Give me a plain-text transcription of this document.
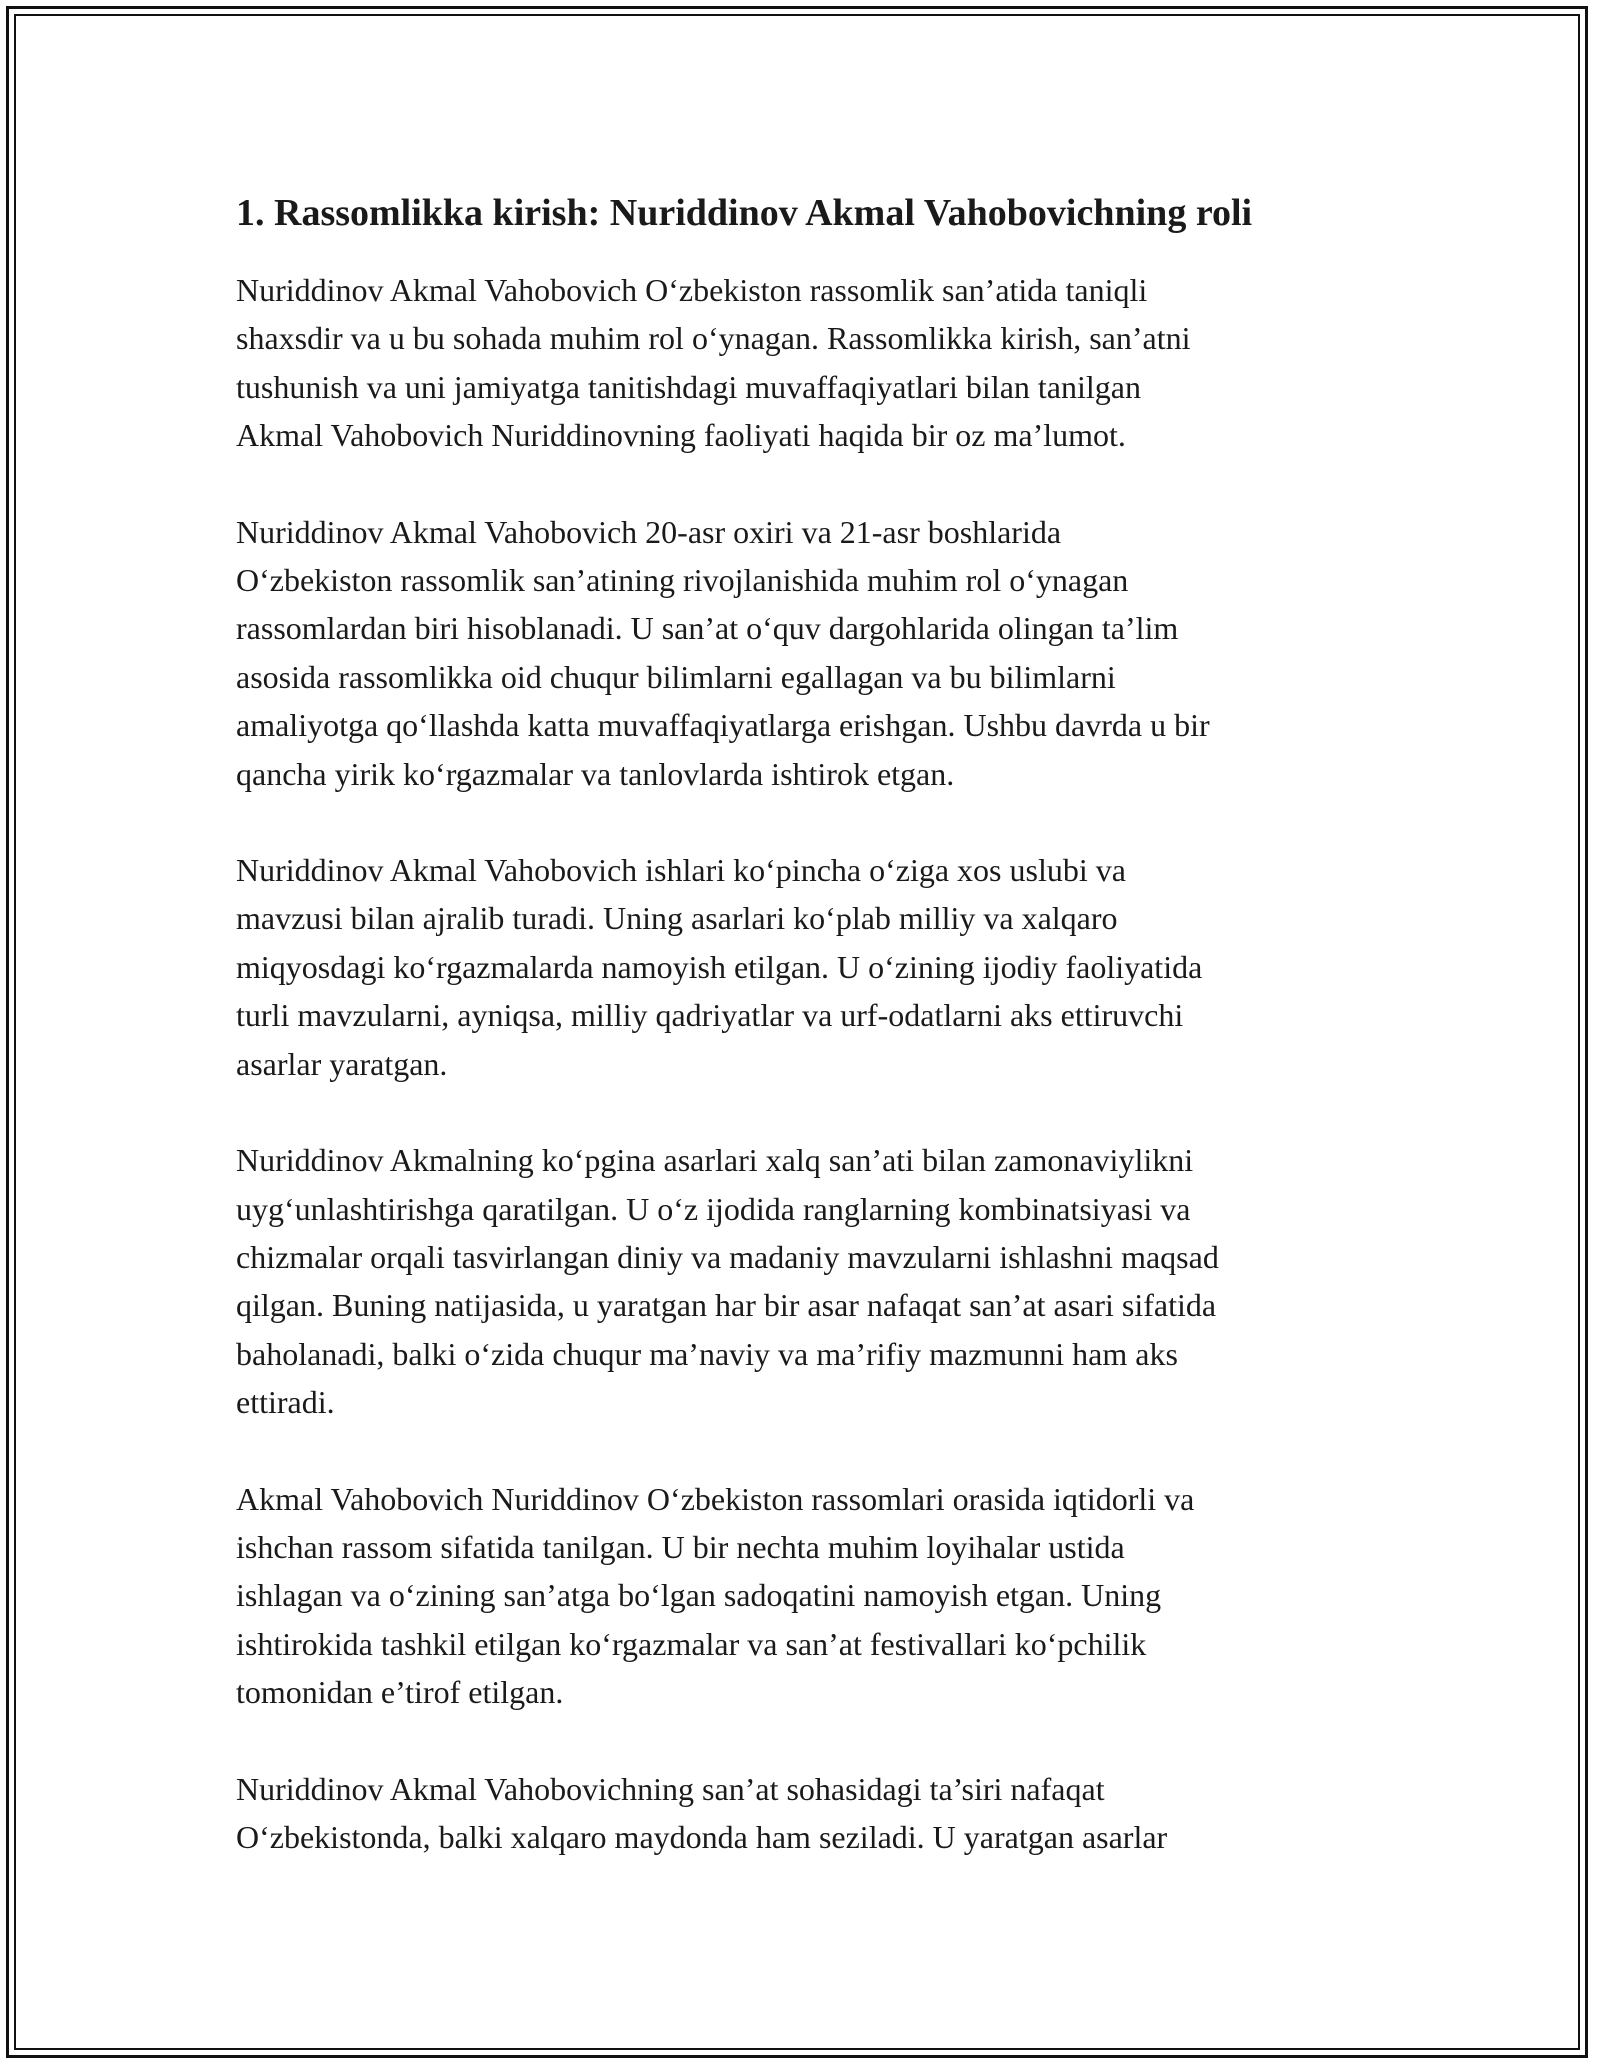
1. Rassomlikka kirish: Nuriddinov Akmal Vahobovichning roli

Nuriddinov Akmal Vahobovich O‘zbekiston rassomlik san’atida taniqli
shaxsdir va u bu sohada muhim rol o‘ynagan. Rassomlikka kirish, san’atni
tushunish va uni jamiyatga tanitishdagi muvaffaqiyatlari bilan tanilgan
Akmal Vahobovich Nuriddinovning faoliyati haqida bir oz ma’lumot.

Nuriddinov Akmal Vahobovich 20-asr oxiri va 21-asr boshlarida
O‘zbekiston rassomlik san’atining rivojlanishida muhim rol o‘ynagan
rassomlardan biri hisoblanadi. U san’at o‘quv dargohlarida olingan ta’lim
asosida rassomlikka oid chuqur bilimlarni egallagan va bu bilimlarni
amaliyotga qo‘llashda katta muvaffaqiyatlarga erishgan. Ushbu davrda u bir
qancha yirik ko‘rgazmalar va tanlovlarda ishtirok etgan.

Nuriddinov Akmal Vahobovich ishlari ko‘pincha o‘ziga xos uslubi va
mavzusi bilan ajralib turadi. Uning asarlari ko‘plab milliy va xalqaro
miqyosdagi ko‘rgazmalarda namoyish etilgan. U o‘zining ijodiy faoliyatida
turli mavzularni, ayniqsa, milliy qadriyatlar va urf-odatlarni aks ettiruvchi
asarlar yaratgan.

Nuriddinov Akmalning ko‘pgina asarlari xalq san’ati bilan zamonaviylikni
uyg‘unlashtirishga qaratilgan. U o‘z ijodida ranglarning kombinatsiyasi va
chizmalar orqali tasvirlangan diniy va madaniy mavzularni ishlashni maqsad
qilgan. Buning natijasida, u yaratgan har bir asar nafaqat san’at asari sifatida
baholanadi, balki o‘zida chuqur ma’naviy va ma’rifiy mazmunni ham aks
ettiradi.

Akmal Vahobovich Nuriddinov O‘zbekiston rassomlari orasida iqtidorli va
ishchan rassom sifatida tanilgan. U bir nechta muhim loyihalar ustida
ishlagan va o‘zining san’atga bo‘lgan sadoqatini namoyish etgan. Uning
ishtirokida tashkil etilgan ko‘rgazmalar va san’at festivallari ko‘pchilik
tomonidan e’tirof etilgan.

Nuriddinov Akmal Vahobovichning san’at sohasidagi ta’siri nafaqat
O‘zbekistonda, balki xalqaro maydonda ham seziladi. U yaratgan asarlar
